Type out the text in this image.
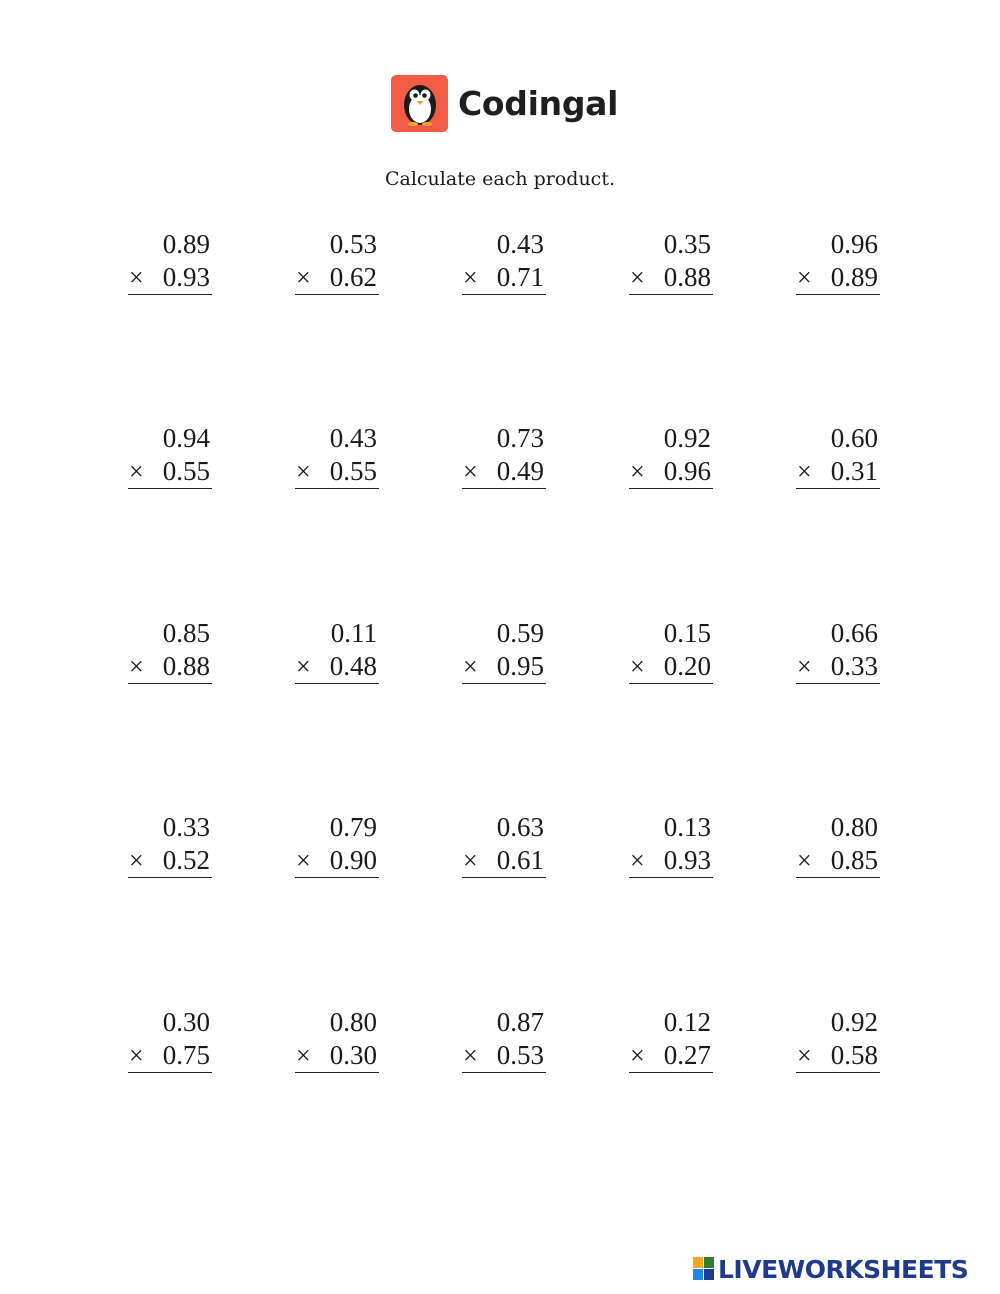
Codingal
Calculate each product.
0.89
× 0.93
0.53
× 0.62
0.43
× 0.71
0.35
× 0.88
0.96
× 0.89
0.94
× 0.55
0.43
× 0.55
0.73
× 0.49
0.92
× 0.96
0.60
× 0.31
0.85
× 0.88
0.11
× 0.48
0.59
× 0.95
0.15
× 0.20
0.66
× 0.33
0.33
× 0.52
0.79
× 0.90
0.63
× 0.61
0.13
× 0.93
0.80
× 0.85
0.30
× 0.75
0.80
× 0.30
0.87
× 0.53
0.12
× 0.27
0.92
× 0.58
LIVEWORKSHEETS
